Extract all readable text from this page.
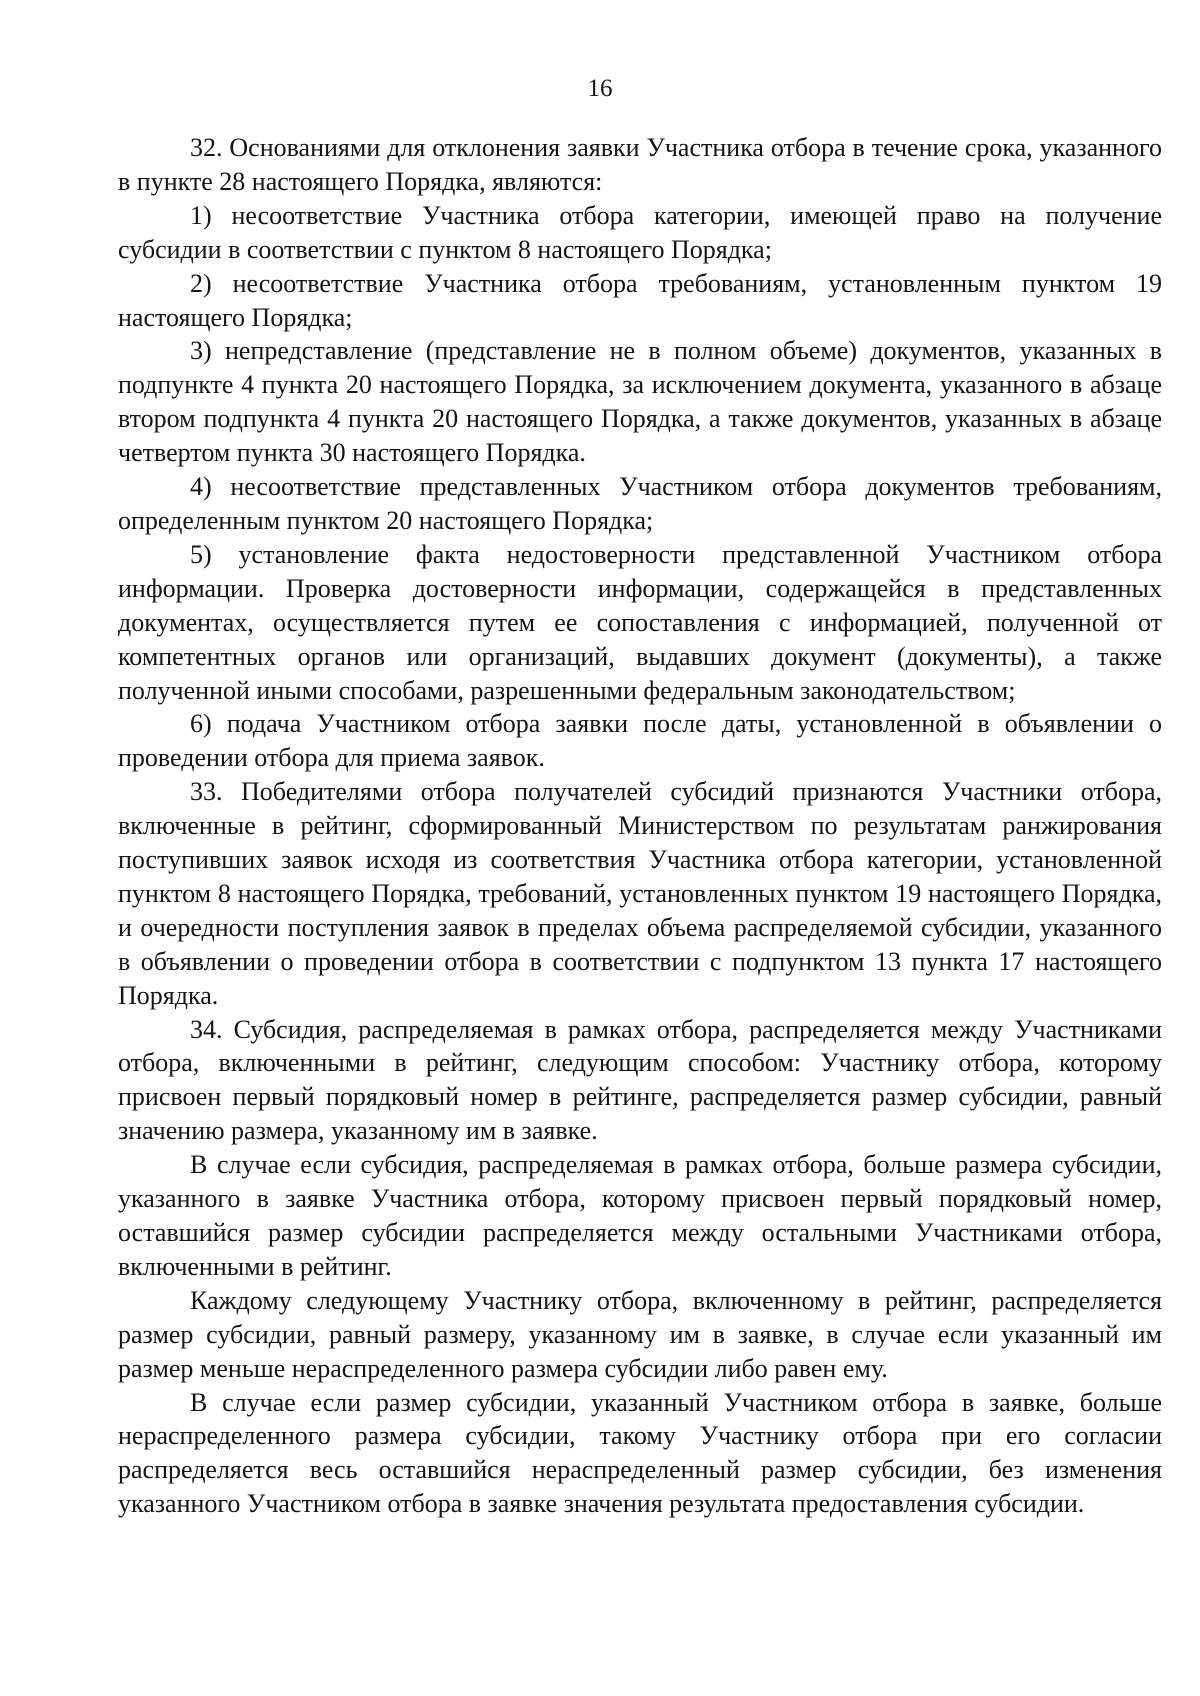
16

32. Основаниями для отклонения заявки Участника отбора в течение срока, указанного в пункте 28 настоящего Порядка, являются:

1) несоответствие Участника отбора категории, имеющей право на получение субсидии в соответствии с пунктом 8 настоящего Порядка;

2) несоответствие Участника отбора требованиям, установленным пунктом 19 настоящего Порядка;

3) непредставление (представление не в полном объеме) документов, указанных в подпункте 4 пункта 20 настоящего Порядка, за исключением документа, указанного в абзаце втором подпункта 4 пункта 20 настоящего Порядка, а также документов, указанных в абзаце четвертом пункта 30 настоящего Порядка.

4) несоответствие представленных Участником отбора документов требованиям, определенным пунктом 20 настоящего Порядка;

5) установление факта недостоверности представленной Участником отбора информации. Проверка достоверности информации, содержащейся в представленных документах, осуществляется путем ее сопоставления с информацией, полученной от компетентных органов или организаций, выдавших документ (документы), а также полученной иными способами, разрешенными федеральным законодательством;

6) подача Участником отбора заявки после даты, установленной в объявлении о проведении отбора для приема заявок.

33. Победителями отбора получателей субсидий признаются Участники отбора, включенные в рейтинг, сформированный Министерством по результатам ранжирования поступивших заявок исходя из соответствия Участника отбора категории, установленной пунктом 8 настоящего Порядка, требований, установленных пунктом 19 настоящего Порядка, и очередности поступления заявок в пределах объема распределяемой субсидии, указанного в объявлении о проведении отбора в соответствии с подпунктом 13 пункта 17 настоящего Порядка.

34. Субсидия, распределяемая в рамках отбора, распределяется между Участниками отбора, включенными в рейтинг, следующим способом: Участнику отбора, которому присвоен первый порядковый номер в рейтинге, распределяется размер субсидии, равный значению размера, указанному им в заявке.

В случае если субсидия, распределяемая в рамках отбора, больше размера субсидии, указанного в заявке Участника отбора, которому присвоен первый порядковый номер, оставшийся размер субсидии распределяется между остальными Участниками отбора, включенными в рейтинг.

Каждому следующему Участнику отбора, включенному в рейтинг, распределяется размер субсидии, равный размеру, указанному им в заявке, в случае если указанный им размер меньше нераспределенного размера субсидии либо равен ему.

В случае если размер субсидии, указанный Участником отбора в заявке, больше нераспределенного размера субсидии, такому Участнику отбора при его согласии распределяется весь оставшийся нераспределенный размер субсидии, без изменения указанного Участником отбора в заявке значения результата предоставления субсидии.
